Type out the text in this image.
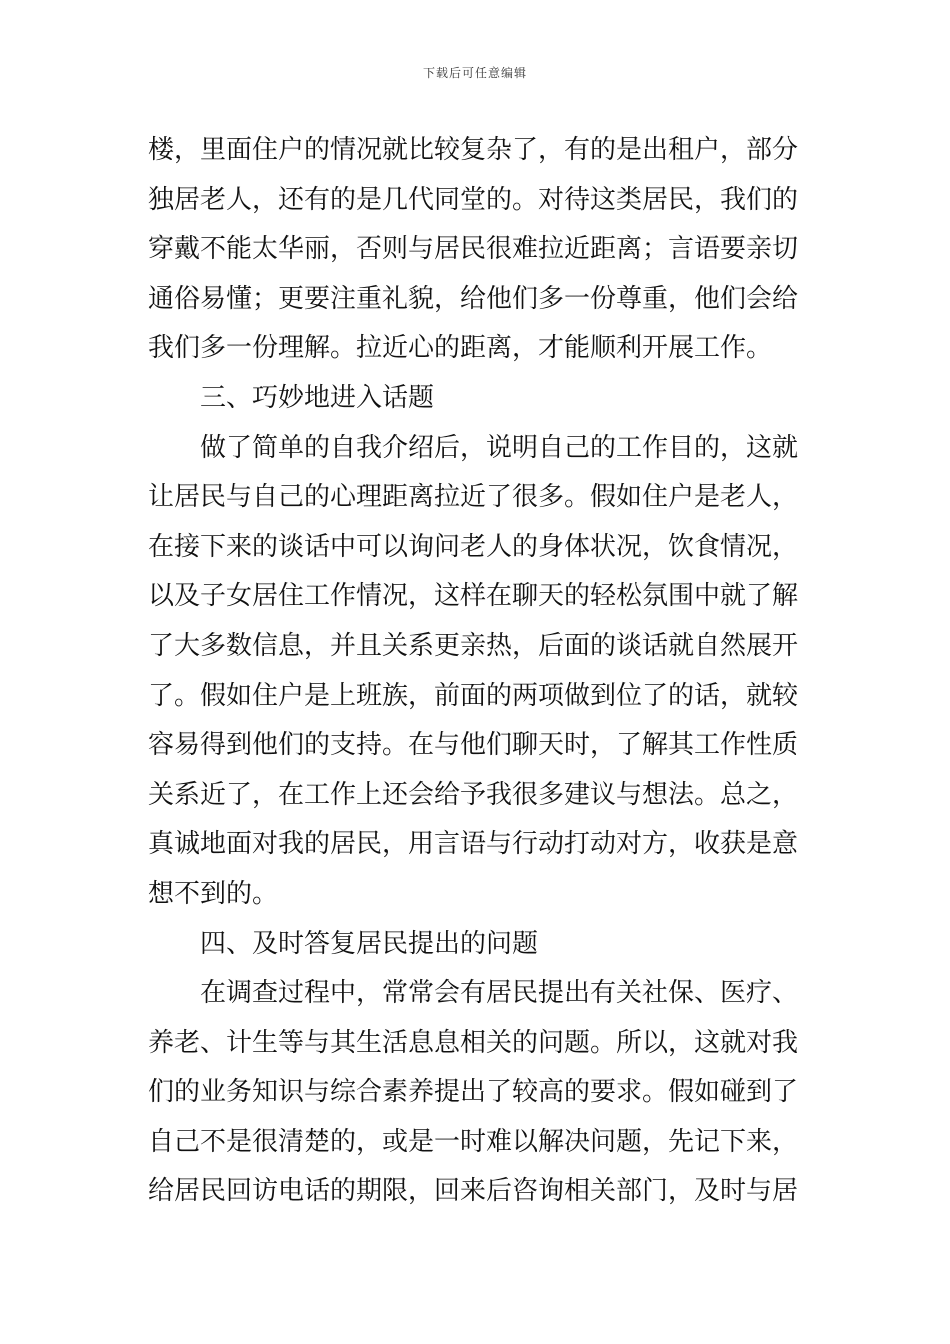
下载后可任意编辑
楼，里面住户的情况就比较复杂了，有的是出租户，部分
独居老人，还有的是几代同堂的。对待这类居民，我们的
穿戴不能太华丽，否则与居民很难拉近距离；言语要亲切
通俗易懂；更要注重礼貌，给他们多一份尊重，他们会给
我们多一份理解。拉近心的距离，才能顺利开展工作。
三、巧妙地进入话题
做了简单的自我介绍后，说明自己的工作目的，这就
让居民与自己的心理距离拉近了很多。假如住户是老人，
在接下来的谈话中可以询问老人的身体状况，饮食情况，
以及子女居住工作情况，这样在聊天的轻松氛围中就了解
了大多数信息，并且关系更亲热，后面的谈话就自然展开
了。假如住户是上班族，前面的两项做到位了的话，就较
容易得到他们的支持。在与他们聊天时，了解其工作性质
关系近了，在工作上还会给予我很多建议与想法。总之，
真诚地面对我的居民，用言语与行动打动对方，收获是意
想不到的。
四、及时答复居民提出的问题
在调查过程中，常常会有居民提出有关社保、医疗、
养老、计生等与其生活息息相关的问题。所以，这就对我
们的业务知识与综合素养提出了较高的要求。假如碰到了
自己不是很清楚的，或是一时难以解决问题，先记下来，
给居民回访电话的期限，回来后咨询相关部门，及时与居
